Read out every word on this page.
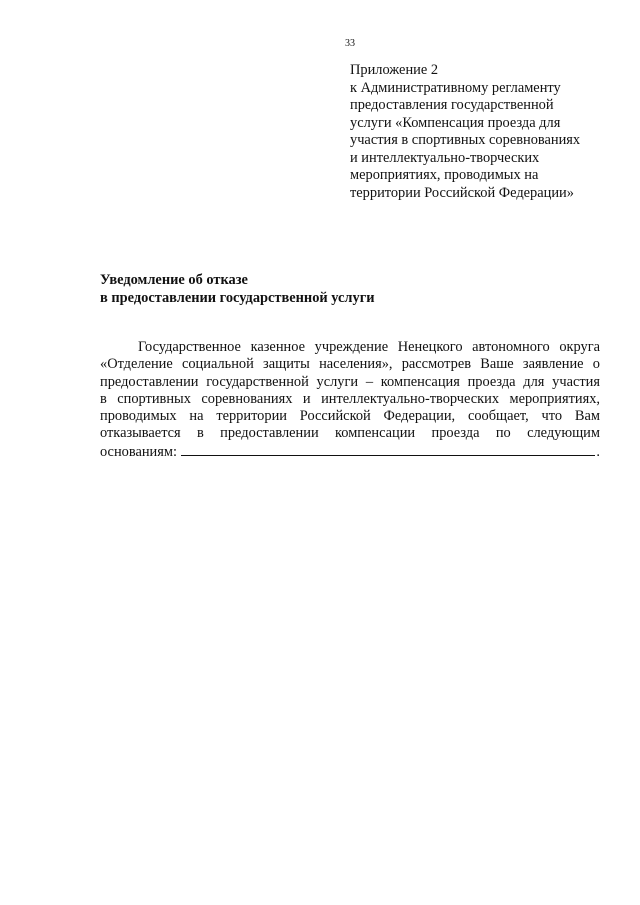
33
Приложение 2
к Административному регламенту
предоставления государственной
услуги «Компенсация проезда для
участия в спортивных соревнованиях
и интеллектуально-творческих
мероприятиях, проводимых на
территории Российской Федерации»
Уведомление об отказе
в предоставлении государственной услуги
Государственное казенное учреждение Ненецкого автономного округа
«Отделение социальной защиты населения», рассмотрев Ваше заявление о
предоставлении государственной услуги – компенсация проезда для участия
в спортивных соревнованиях и интеллектуально-творческих мероприятиях,
проводимых на территории Российской Федерации, сообщает, что Вам
отказывается в предоставлении компенсации проезда по следующим
основаниям:	.
